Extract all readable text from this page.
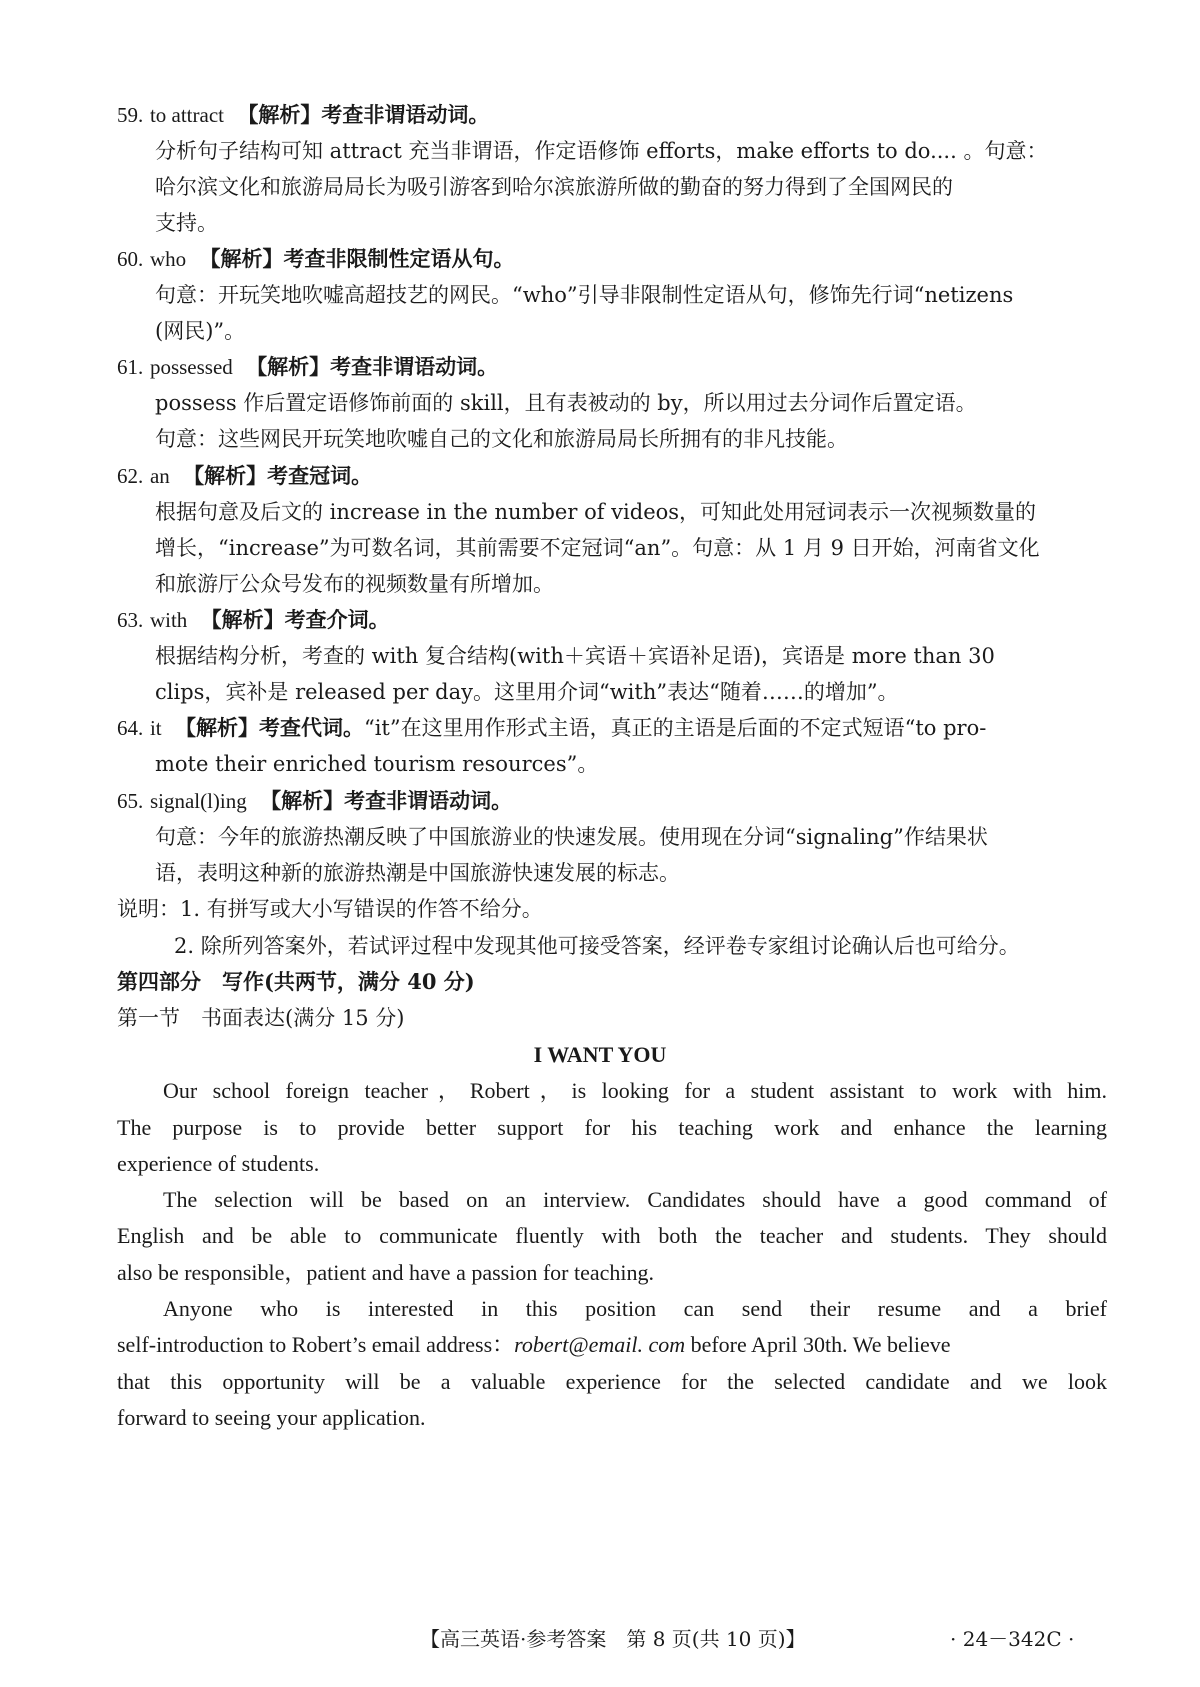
59. to attract 【解析】考查非谓语动词。
分析句子结构可知 attract 充当非谓语，作定语修饰 efforts，make efforts to do.... 。句意：
哈尔滨文化和旅游局局长为吸引游客到哈尔滨旅游所做的勤奋的努力得到了全国网民的
支持。
60. who 【解析】考查非限制性定语从句。
句意：开玩笑地吹嘘高超技艺的网民。“who”引导非限制性定语从句，修饰先行词“netizens
(网民)”。
61. possessed 【解析】考查非谓语动词。
possess 作后置定语修饰前面的 skill，且有表被动的 by，所以用过去分词作后置定语。
句意：这些网民开玩笑地吹嘘自己的文化和旅游局局长所拥有的非凡技能。
62. an 【解析】考查冠词。
根据句意及后文的 increase in the number of videos，可知此处用冠词表示一次视频数量的
增长，“increase”为可数名词，其前需要不定冠词“an”。句意：从 1 月 9 日开始，河南省文化
和旅游厅公众号发布的视频数量有所增加。
63. with 【解析】考查介词。
根据结构分析，考查的 with 复合结构(with＋宾语＋宾语补足语)，宾语是 more than 30
clips，宾补是 released per day。这里用介词“with”表达“随着……的增加”。
64. it 【解析】考查代词。“it”在这里用作形式主语，真正的主语是后面的不定式短语“to pro-
mote their enriched tourism resources”。
65. signal(l)ing 【解析】考查非谓语动词。
句意：今年的旅游热潮反映了中国旅游业的快速发展。使用现在分词“signaling”作结果状
语，表明这种新的旅游热潮是中国旅游快速发展的标志。
说明：1. 有拼写或大小写错误的作答不给分。
2. 除所列答案外，若试评过程中发现其他可接受答案，经评卷专家组讨论确认后也可给分。
第四部分　写作(共两节，满分 40 分)
第一节　书面表达(满分 15 分)
I WANT YOU
Our school foreign teacher，Robert，is looking for a student assistant to work with him.
The purpose is to provide better support for his teaching work and enhance the learning
experience of students.
The selection will be based on an interview. Candidates should have a good command of
English and be able to communicate fluently with both the teacher and students. They should
also be responsible，patient and have a passion for teaching.
Anyone who is interested in this position can send their resume and a brief
self-introduction to Robert’s email address：robert@email. com before April 30th. We believe
that this opportunity will be a valuable experience for the selected candidate and we look
forward to seeing your application.
【高三英语·参考答案　第 8 页(共 10 页)】	· 24－342C ·
